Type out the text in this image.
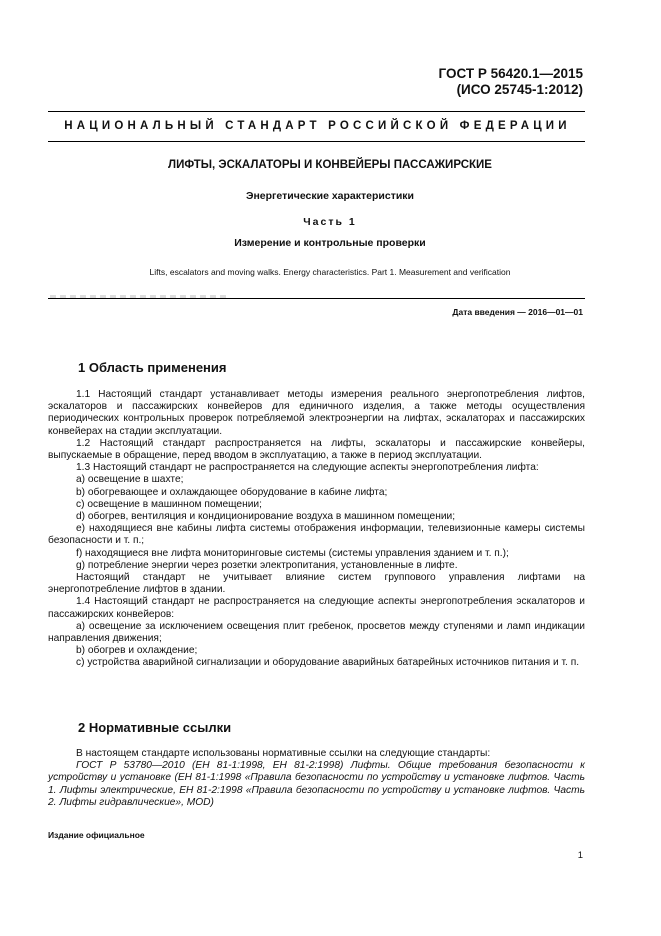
ГОСТ Р 56420.1—2015
(ИСО 25745-1:2012)
НАЦИОНАЛЬНЫЙ СТАНДАРТ РОССИЙСКОЙ ФЕДЕРАЦИИ
ЛИФТЫ, ЭСКАЛАТОРЫ И КОНВЕЙЕРЫ ПАССАЖИРСКИЕ
Энергетические характеристики
Часть 1
Измерение и контрольные проверки
Lifts, escalators and moving walks. Energy characteristics. Part 1. Measurement and verification
Дата введения — 2016—01—01
1 Область применения

1.1 Настоящий стандарт устанавливает методы измерения реального энергопотребления лифтов, эскалаторов и пассажирских конвейеров для единичного изделия, а также методы осуществления периодических контрольных проверок потребляемой электроэнергии на лифтах, эскалаторах и пассажирских конвейерах на стадии эксплуатации.

1.2 Настоящий стандарт распространяется на лифты, эскалаторы и пассажирские конвейеры, выпускаемые в обращение, перед вводом в эксплуатацию, а также в период эксплуатации.

1.3 Настоящий стандарт не распространяется на следующие аспекты энергопотребления лифта:

a) освещение в шахте;

b) обогревающее и охлаждающее оборудование в кабине лифта;

c) освещение в машинном помещении;

d) обогрев, вентиляция и кондиционирование воздуха в машинном помещении;

e) находящиеся вне кабины лифта системы отображения информации, телевизионные камеры системы безопасности и т. п.;

f) находящиеся вне лифта мониторинговые системы (системы управления зданием и т. п.);

g) потребление энергии через розетки электропитания, установленные в лифте.

Настоящий стандарт не учитывает влияние систем группового управления лифтами на энергопотребление лифтов в здании.

1.4 Настоящий стандарт не распространяется на следующие аспекты энергопотребления эскалаторов и пассажирских конвейеров:

a) освещение за исключением освещения плит гребенок, просветов между ступенями и ламп индикации направления движения;

b) обогрев и охлаждение;

c) устройства аварийной сигнализации и оборудование аварийных батарейных источников питания и т. п.

2 Нормативные ссылки

В настоящем стандарте использованы нормативные ссылки на следующие стандарты:

ГОСТ Р 53780—2010 (ЕН 81-1:1998, ЕН 81-2:1998) Лифты. Общие требования безопасности к устройству и установке (ЕН 81-1:1998 «Правила безопасности по устройству и установке лифтов. Часть 1. Лифты электрические, ЕН 81-2:1998 «Правила безопасности по устройству и установке лифтов. Часть 2. Лифты гидравлические», MOD)

Издание официальное
1
